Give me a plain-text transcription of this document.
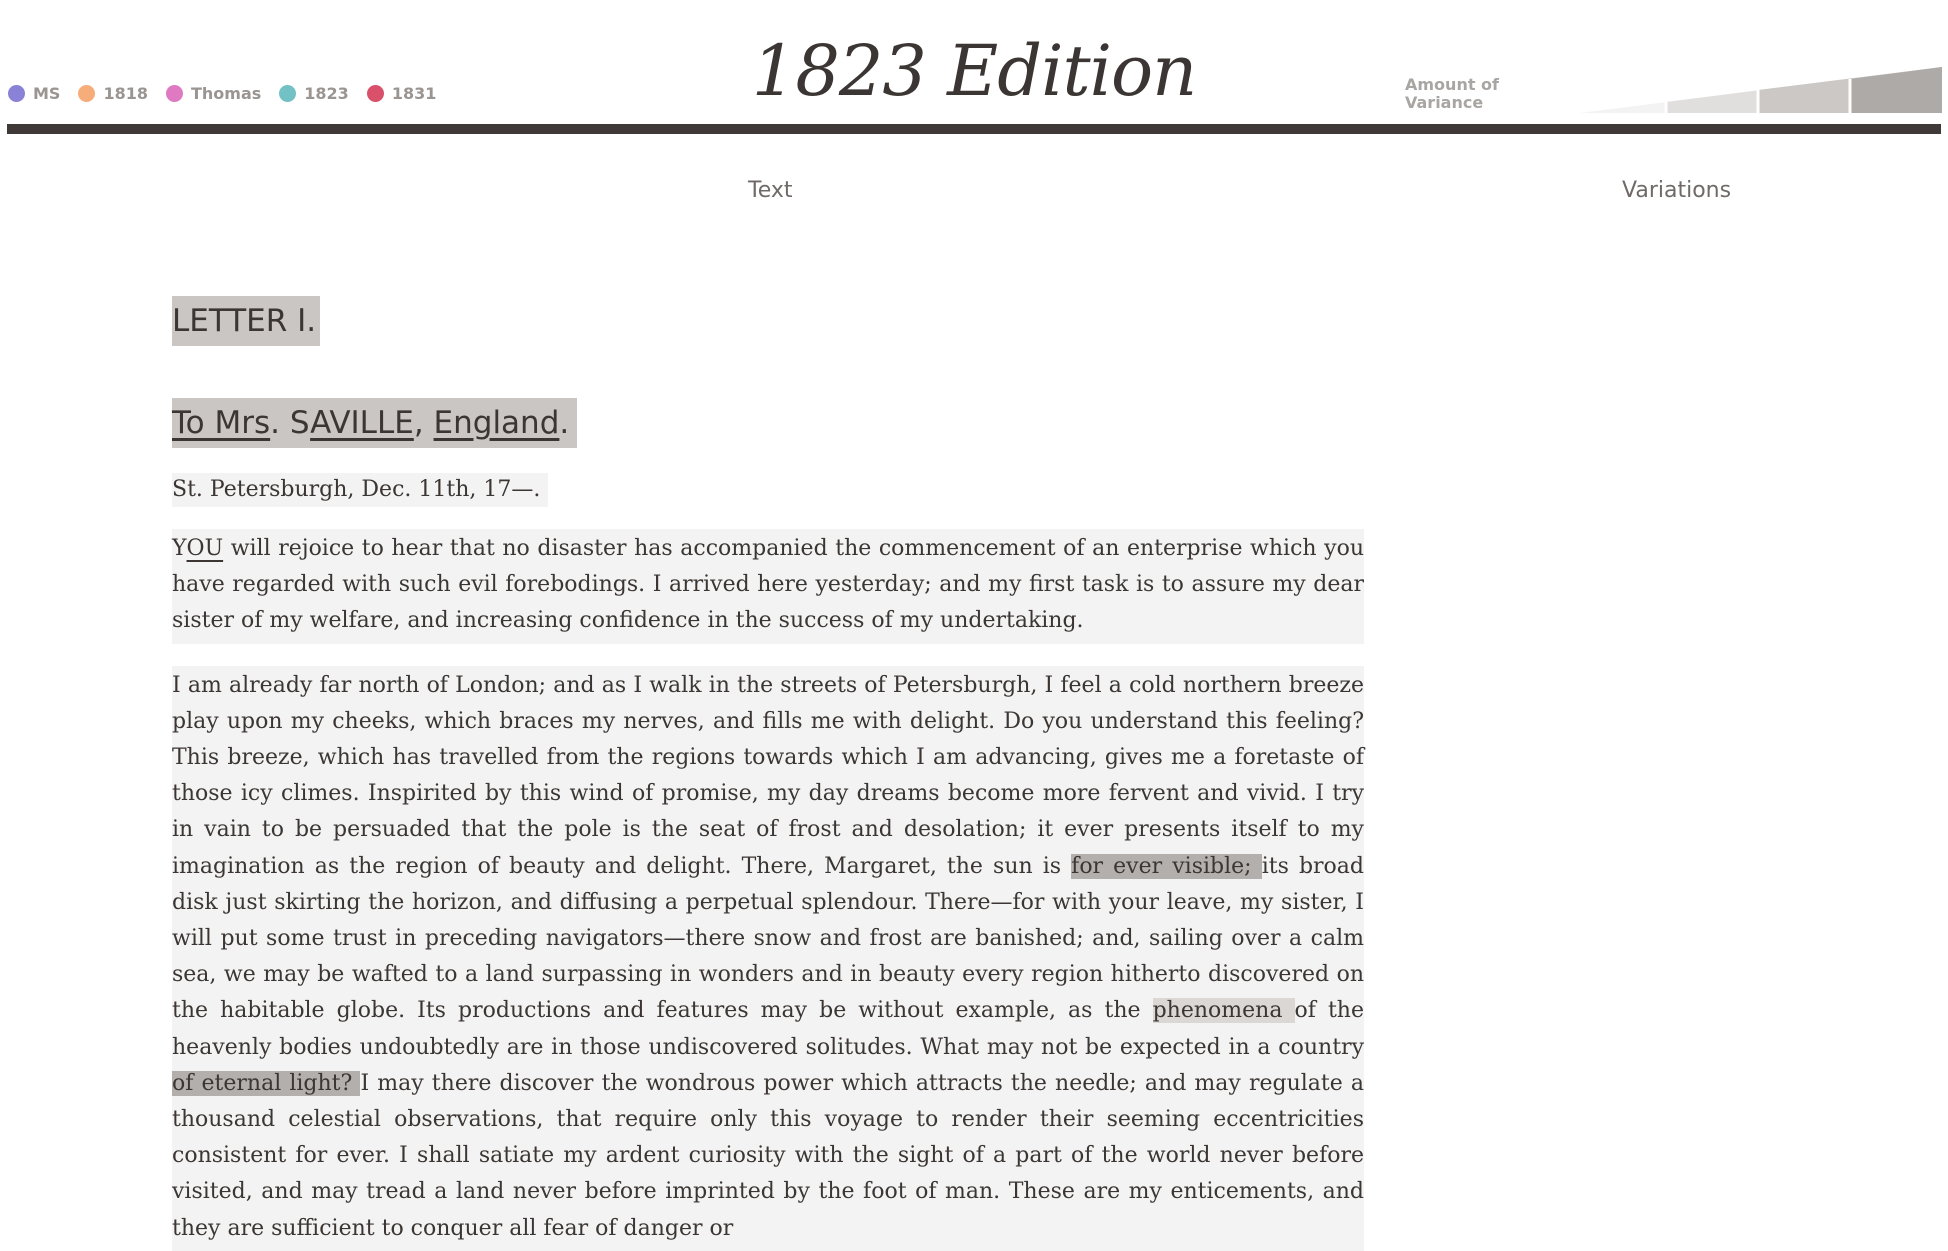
MS	1818	Thomas	1823	1831	1823 Edition	Amount of Variance
Text	Variations
LETTER I.
To Mrs. SAVILLE, England.
St. Petersburgh, Dec. 11th, 17—.

YOU will rejoice to hear that no disaster has accompanied the commencement of an enterprise which you have regarded with such evil forebodings. I arrived here yesterday; and my first task is to assure my dear sister of my welfare, and increasing confidence in the success of my undertaking.

I am already far north of London; and as I walk in the streets of Petersburgh, I feel a cold northern breeze play upon my cheeks, which braces my nerves, and fills me with delight. Do you understand this feeling? This breeze, which has travelled from the regions towards which I am advancing, gives me a foretaste of those icy climes. Inspirited by this wind of promise, my day dreams become more fervent and vivid. I try in vain to be persuaded that the pole is the seat of frost and desolation; it ever presents itself to my imagination as the region of beauty and delight. There, Margaret, the sun is for ever visible; its broad disk just skirting the horizon, and diffusing a perpetual splendour. There—for with your leave, my sister, I will put some trust in preceding navigators—there snow and frost are banished; and, sailing over a calm sea, we may be wafted to a land surpassing in wonders and in beauty every region hitherto discovered on the habitable globe. Its productions and features may be without example, as the phenomena of the heavenly bodies undoubtedly are in those undiscovered solitudes. What may not be expected in a country of eternal light? I may there discover the wondrous power which attracts the needle; and may regulate a thousand celestial observations, that require only this voyage to render their seeming eccentricities consistent for ever. I shall satiate my ardent curiosity with the sight of a part of the world never before visited, and may tread a land never before imprinted by the foot of man. These are my enticements, and they are sufficient to conquer all fear of danger or
